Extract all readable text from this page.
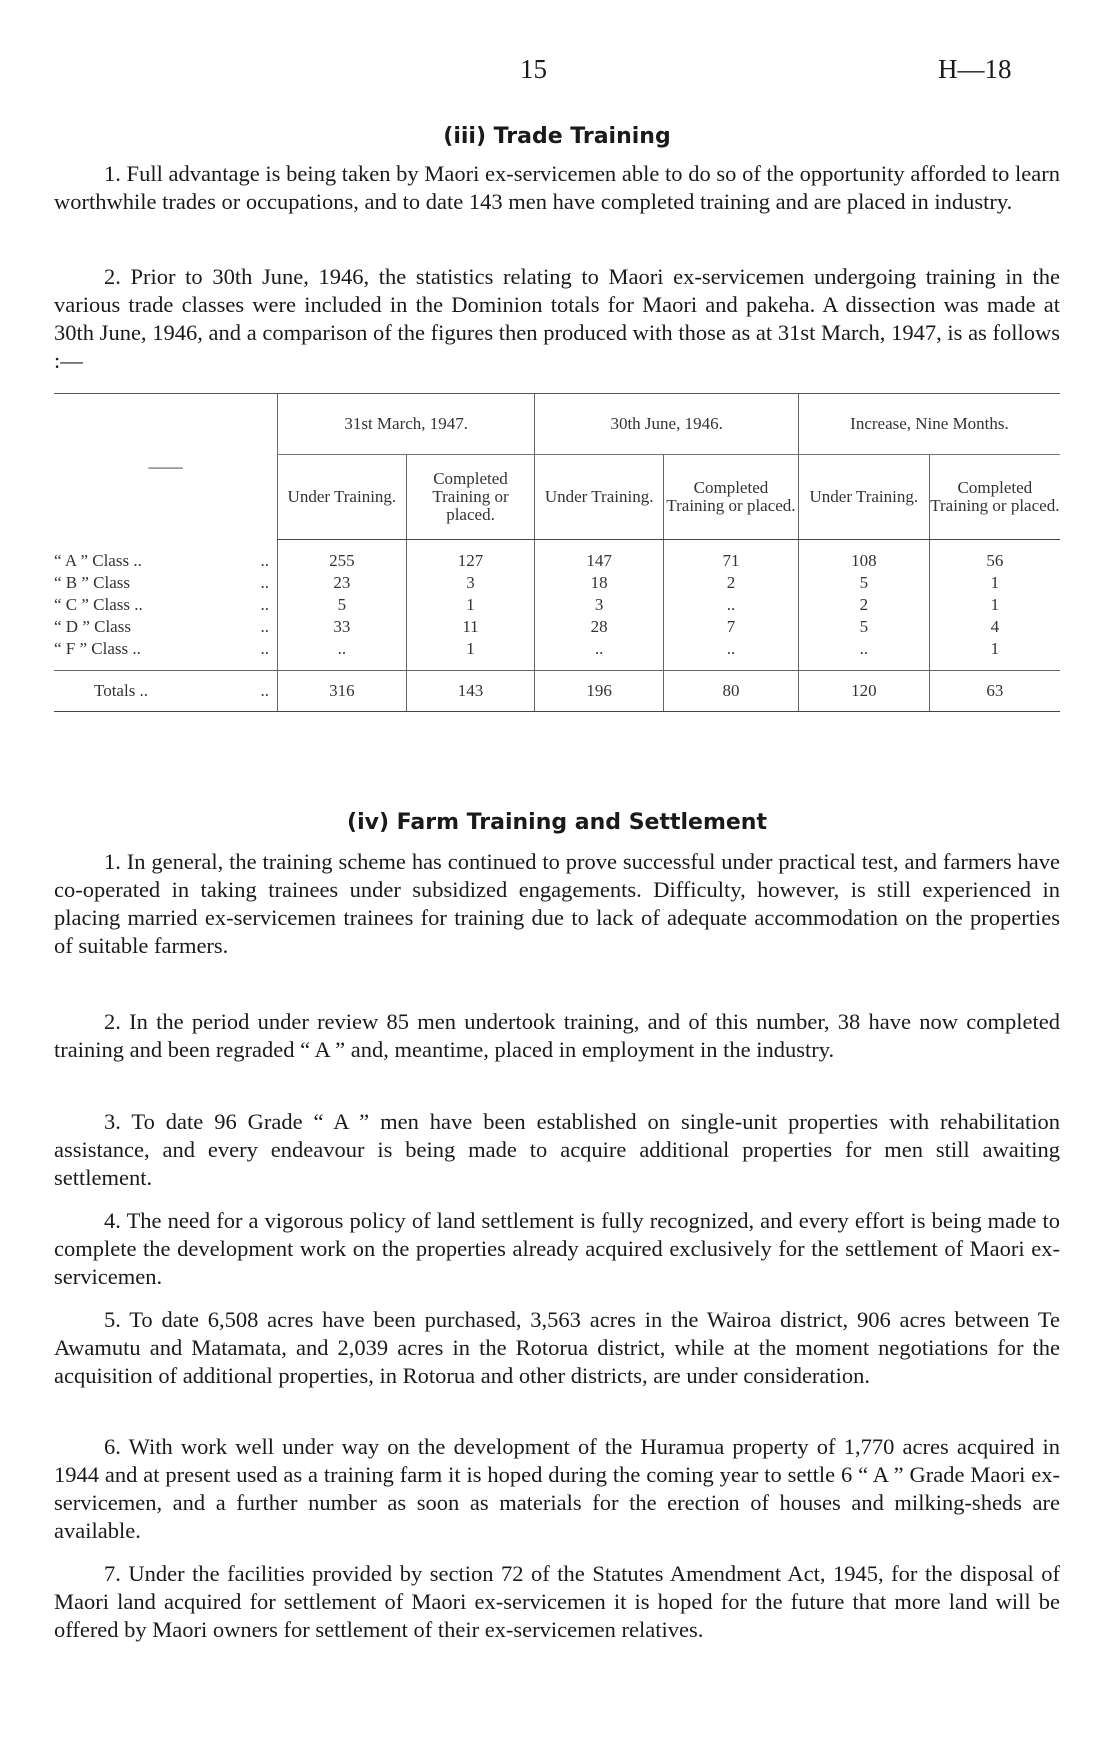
15	H—18
(iii) Trade Training

1. Full advantage is being taken by Maori ex-servicemen able to do so of the opportunity afforded to learn worthwhile trades or occupations, and to date 143 men have completed training and are placed in industry.

2. Prior to 30th June, 1946, the statistics relating to Maori ex-servicemen undergoing training in the various trade classes were included in the Dominion totals for Maori and pakeha. A dissection was made at 30th June, 1946, and a comparison of the figures then produced with those as at 31st March, 1947, is as follows :—

——	31st March, 1947.		30th June, 1946.		Increase, Nine Months.	
	Under Training.	Completed Training or placed.	Under Training.	Completed Training or placed.	Under Training.	Completed Training or placed.

“ A ” Class .. ..	255	127	147	71	108	56
“ B ” Class ..	23	3	18	2	5	1
“ C ” Class .. ..	5	1	3	..	2	1
“ D ” Class ..	33	11	28	7	5	4
“ F ” Class .. ..	..	1	..	..	..	1

Totals .. ..	316	143	196	80	120	63
(iv) Farm Training and Settlement

1. In general, the training scheme has continued to prove successful under practical test, and farmers have co-operated in taking trainees under subsidized engagements. Difficulty, however, is still experienced in placing married ex-servicemen trainees for training due to lack of adequate accommodation on the properties of suitable farmers.

2. In the period under review 85 men undertook training, and of this number, 38 have now completed training and been regraded “ A ” and, meantime, placed in employment in the industry.

3. To date 96 Grade “ A ” men have been established on single-unit properties with rehabilitation assistance, and every endeavour is being made to acquire additional properties for men still awaiting settlement.

4. The need for a vigorous policy of land settlement is fully recognized, and every effort is being made to complete the development work on the properties already acquired exclusively for the settlement of Maori ex-servicemen.

5. To date 6,508 acres have been purchased, 3,563 acres in the Wairoa district, 906 acres between Te Awamutu and Matamata, and 2,039 acres in the Rotorua district, while at the moment negotiations for the acquisition of additional properties, in Rotorua and other districts, are under consideration.

6. With work well under way on the development of the Huramua property of 1,770 acres acquired in 1944 and at present used as a training farm it is hoped during the coming year to settle 6 “ A ” Grade Maori ex-servicemen, and a further number as soon as materials for the erection of houses and milking-sheds are available.

7. Under the facilities provided by section 72 of the Statutes Amendment Act, 1945, for the disposal of Maori land acquired for settlement of Maori ex-servicemen it is hoped for the future that more land will be offered by Maori owners for settlement of their ex-servicemen relatives.
